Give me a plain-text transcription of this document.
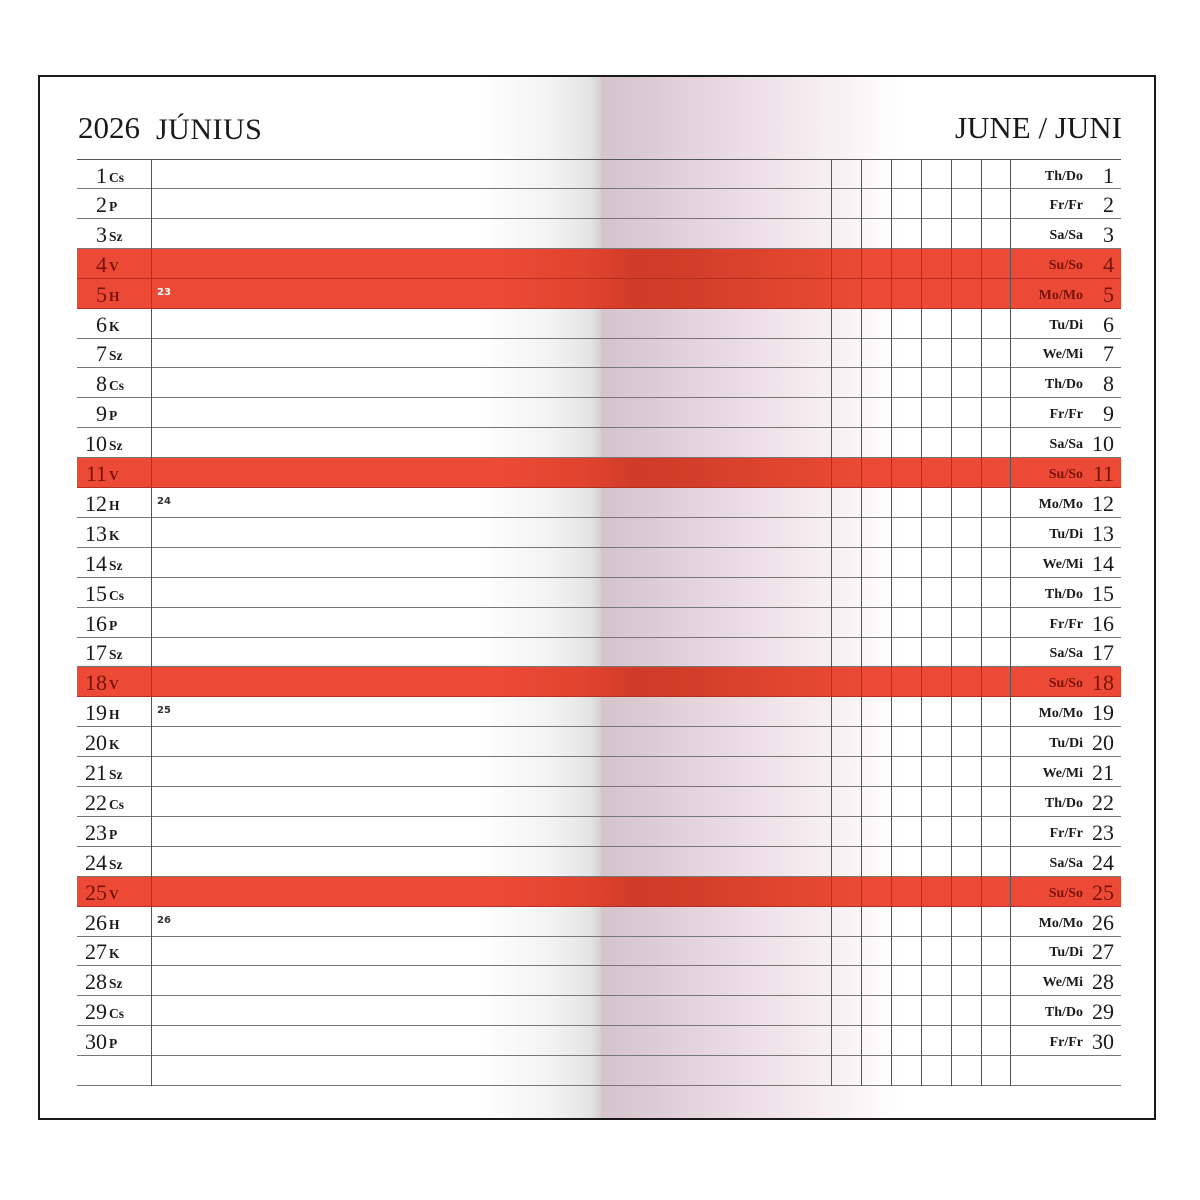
2026 JÚNIUS	JUNE / JUNI
1 Cs	Th/Do 1
2 P	Fr/Fr 2
3 Sz	Sa/Sa 3
4 V	Su/So 4
5 H	23	Mo/Mo 5
6 K	Tu/Di 6
7 Sz	We/Mi 7
8 Cs	Th/Do 8
9 P	Fr/Fr 9
10 Sz	Sa/Sa 10
11 V	Su/So 11
12 H	24	Mo/Mo 12
13 K	Tu/Di 13
14 Sz	We/Mi 14
15 Cs	Th/Do 15
16 P	Fr/Fr 16
17 Sz	Sa/Sa 17
18 V	Su/So 18
19 H	25	Mo/Mo 19
20 K	Tu/Di 20
21 Sz	We/Mi 21
22 Cs	Th/Do 22
23 P	Fr/Fr 23
24 Sz	Sa/Sa 24
25 V	Su/So 25
26 H	26	Mo/Mo 26
27 K	Tu/Di 27
28 Sz	We/Mi 28
29 Cs	Th/Do 29
30 P	Fr/Fr 30
